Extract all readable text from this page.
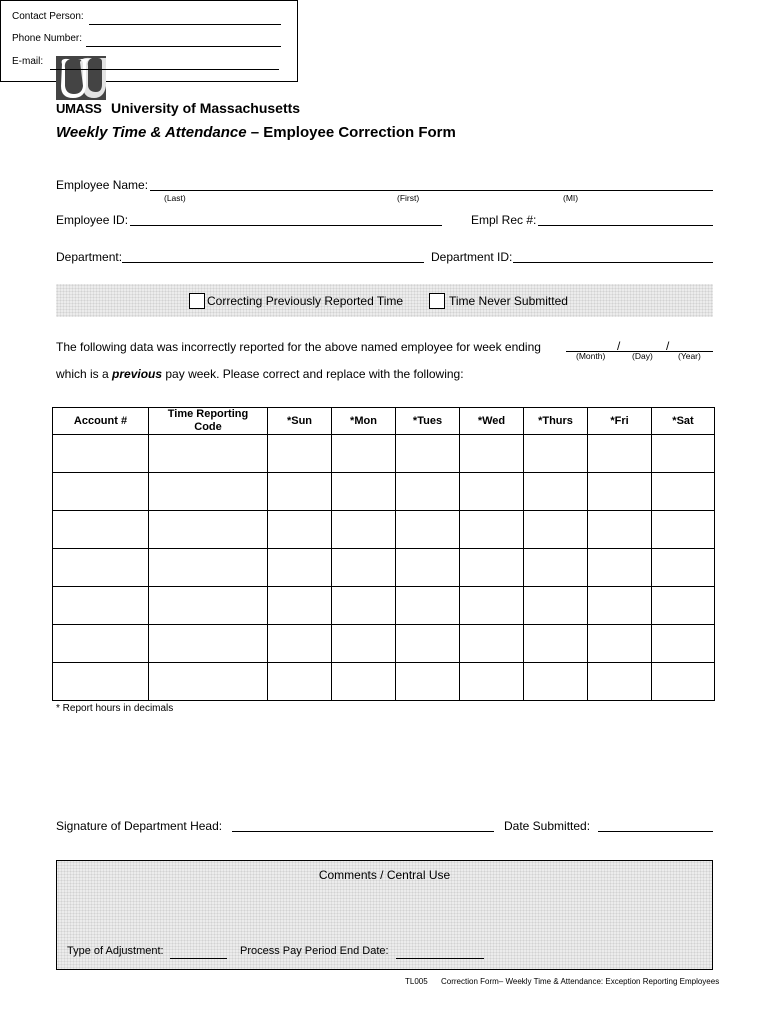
UMASS University of Massachusetts
Contact Person:
Phone Number:
E-mail:
Weekly Time & Attendance – Employee Correction Form
Employee Name:
(Last)	(First)	(MI)
Employee ID:	Empl Rec #:
Department:	Department ID:
Correcting Previously Reported Time	Time Never Submitted
The following data was incorrectly reported for the above named employee for week ending	/	/
(Month)	(Day)	(Year)
which is a previous pay week. Please correct and replace with the following:
Account #	Time Reporting Code	*Sun	*Mon	*Tues	*Wed	*Thurs	*Fri	*Sat

* Report hours in decimals
Signature of Department Head:	Date Submitted:
Comments / Central Use
Type of Adjustment:	Process Pay Period End Date:
TL005 Correction Form– Weekly Time & Attendance: Exception Reporting Employees
